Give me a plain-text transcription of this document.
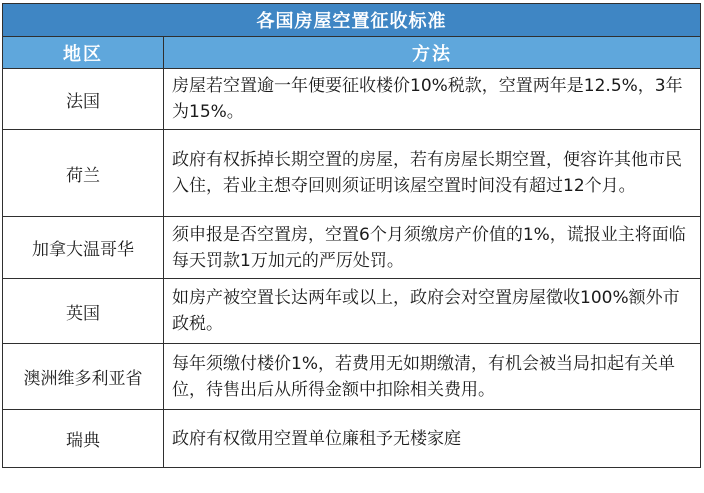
各国房屋空置征收标准	
地区	方法
法国	房屋若空置逾一年便要征收楼价10%税款，空置两年是12.5%，3年为15%。
荷兰	政府有权拆掉长期空置的房屋，若有房屋长期空置，便容许其他市民入住，若业主想夺回则须证明该屋空置时间没有超过12个月。
加拿大温哥华	须申报是否空置房，空置6个月须缴房产价值的1%，谎报业主将面临每天罚款1万加元的严厉处罚。
英国	如房产被空置长达两年或以上，政府会对空置房屋徵收100%额外市政税。
澳洲维多利亚省	每年须缴付楼价1%，若费用无如期缴清，有机会被当局扣起有关单位，待售出后从所得金额中扣除相关费用。
瑞典	政府有权徵用空置单位廉租予无楼家庭
